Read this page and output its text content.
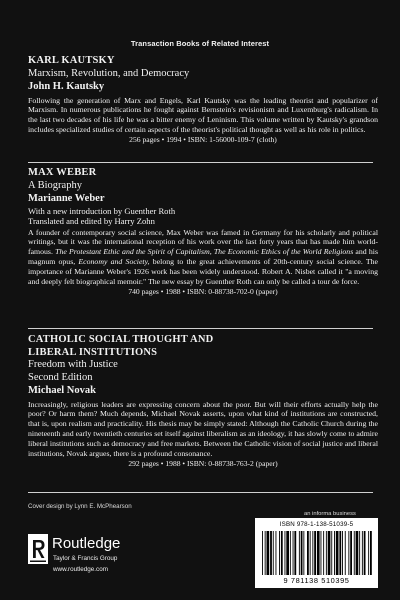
Transaction Books of Related Interest
KARL KAUTSKY
Marxism, Revolution, and Democracy
John H. Kautsky
Following the generation of Marx and Engels, Karl Kautsky was the leading theorist and popularizer of Marxism. In numerous publications he fought against Bernstein's revisionism and Luxemburg's radicalism. In the last two decades of his life he was a bitter enemy of Leninism. This volume written by Kautsky's grandson includes specialized studies of certain aspects of the theorist's political thought as well as his role in politics.
256 pages • 1994 • ISBN: 1-56000-109-7 (cloth)
MAX WEBER
A Biography
Marianne Weber
With a new introduction by Guenther Roth
Translated and edited by Harry Zohn
A founder of contemporary social science, Max Weber was famed in Germany for his scholarly and political writings, but it was the international reception of his work over the last forty years that has made him world-famous. The Protestant Ethic and the Spirit of Capitalism, The Economic Ethics of the World Religions and his magnum opus, Economy and Society, belong to the great achievements of 20th-century social science. The importance of Marianne Weber's 1926 work has been widely understood. Robert A. Nisbet called it "a moving and deeply felt biographical memoir." The new essay by Guenther Roth can only be called a tour de force.
740 pages • 1988 • ISBN: 0-88738-702-0 (paper)
CATHOLIC SOCIAL THOUGHT AND
LIBERAL INSTITUTIONS
Freedom with Justice
Second Edition
Michael Novak
Increasingly, religious leaders are expressing concern about the poor. But will their efforts actually help the poor? Or harm them? Much depends, Michael Novak asserts, upon what kind of institutions are constructed, that is, upon realism and practicality. His thesis may be simply stated: Although the Catholic Church during the nineteenth and early twentieth centuries set itself against liberalism as an ideology, it has slowly come to admire liberal institutions such as democracy and free markets. Between the Catholic vision of social justice and liberal institutions, Novak argues, there is a profound consonance.
292 pages • 1988 • ISBN: 0-88738-763-2 (paper)
Cover design by Lynn E. McPhearson
an informa business
Routledge
Taylor & Francis Group
www.routledge.com
ISBN 978-1-138-51039-5
9 781138 510395
